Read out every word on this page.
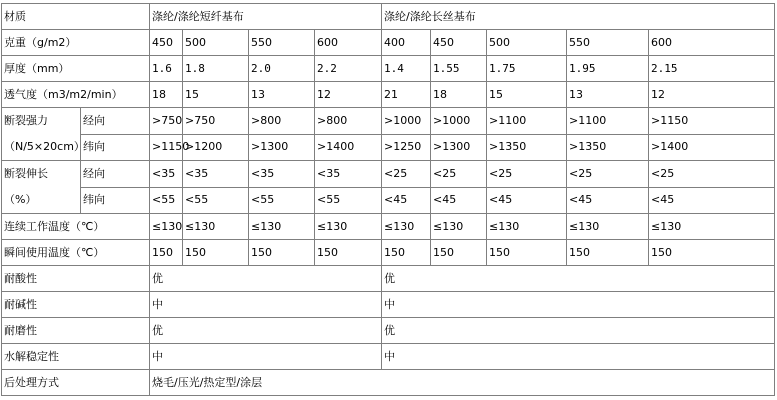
材质		涤纶/涤纶短纤基布				涤纶/涤纶长丝基布				
克重（g/m2）		450	500	550	600	400	450	500	550	600
厚度（mm）		1.6	1.8	2.0	2.2	1.4	1.55	1.75	1.95	2.15
透气度（m3/m2/min）		18	15	13	12	21	18	15	13	12
断裂强力
（N/5×20cm）	经向	>750	>750	>800	>800	>1000	>1000	>1100	>1100	>1150
	纬向	>1150	>1200	>1300	>1400	>1250	>1300	>1350	>1350	>1400
断裂伸长
（%）	经向	<35	<35	<35	<35	<25	<25	<25	<25	<25
	纬向	<55	<55	<55	<55	<45	<45	<45	<45	<45
连续工作温度（℃）		≤130	≤130	≤130	≤130	≤130	≤130	≤130	≤130	≤130
瞬间使用温度（℃）		150	150	150	150	150	150	150	150	150
耐酸性		优				优				
耐碱性		中				中				
耐磨性		优				优				
水解稳定性		中				中				
后处理方式		烧毛/压光/热定型/涂层								
